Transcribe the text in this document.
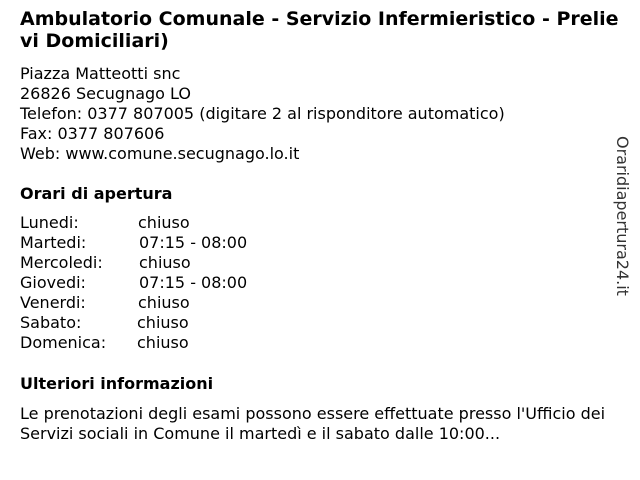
Ambulatorio Comunale - Servizio Infermieristico - Prelievi Domiciliari)
Piazza Matteotti snc
26826 Secugnago LO
Telefon: 0377 807005 (digitare 2 al risponditore automatico)
Fax: 0377 807606
Web: www.comune.secugnago.lo.it
Orari di apertura
Lunedi:	chiuso
Martedi:	07:15 - 08:00
Mercoledi: chiuso
Giovedi:	07:15 - 08:00
Venerdi:	chiuso
Sabato:	chiuso
Domenica: chiuso
Ulteriori informazioni
Le prenotazioni degli esami possono essere effettuate presso l'Ufficio dei Servizi sociali in Comune il martedì e il sabato dalle 10:00...
Oraridiapertura24.it
